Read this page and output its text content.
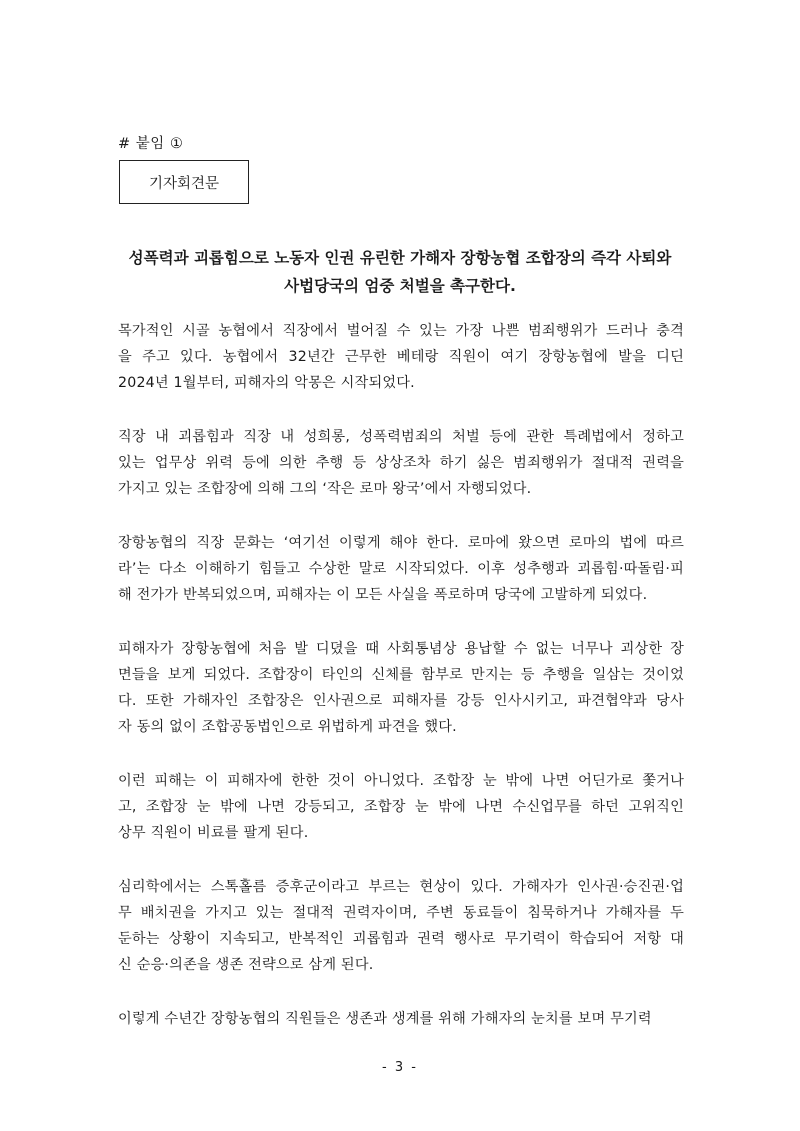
# 붙임 ①
기자회견문
성폭력과 괴롭힘으로 노동자 인권 유린한 가해자 장항농협 조합장의 즉각 사퇴와
사법당국의 엄중 처벌을 촉구한다.
목가적인 시골 농협에서 직장에서 벌어질 수 있는 가장 나쁜 범죄행위가 드러나 충격
을 주고 있다. 농협에서 32년간 근무한 베테랑 직원이 여기 장항농협에 발을 디딘
2024년 1월부터, 피해자의 악몽은 시작되었다.
직장 내 괴롭힘과 직장 내 성희롱, 성폭력범죄의 처벌 등에 관한 특례법에서 정하고
있는 업무상 위력 등에 의한 추행 등 상상조차 하기 싫은 범죄행위가 절대적 권력을
가지고 있는 조합장에 의해 그의 ‘작은 로마 왕국’에서 자행되었다.
장항농협의 직장 문화는 ‘여기선 이렇게 해야 한다. 로마에 왔으면 로마의 법에 따르
라’는 다소 이해하기 힘들고 수상한 말로 시작되었다. 이후 성추행과 괴롭힘·따돌림·피
해 전가가 반복되었으며, 피해자는 이 모든 사실을 폭로하며 당국에 고발하게 되었다.
피해자가 장항농협에 처음 발 디뎠을 때 사회통념상 용납할 수 없는 너무나 괴상한 장
면들을 보게 되었다. 조합장이 타인의 신체를 함부로 만지는 등 추행을 일삼는 것이었
다. 또한 가해자인 조합장은 인사권으로 피해자를 강등 인사시키고, 파견협약과 당사
자 동의 없이 조합공동법인으로 위법하게 파견을 했다.
이런 피해는 이 피해자에 한한 것이 아니었다. 조합장 눈 밖에 나면 어딘가로 쫓거나
고, 조합장 눈 밖에 나면 강등되고, 조합장 눈 밖에 나면 수신업무를 하던 고위직인
상무 직원이 비료를 팔게 된다.
심리학에서는 스톡홀름 증후군이라고 부르는 현상이 있다. 가해자가 인사권·승진권·업
무 배치권을 가지고 있는 절대적 권력자이며, 주변 동료들이 침묵하거나 가해자를 두
둔하는 상황이 지속되고, 반복적인 괴롭힘과 권력 행사로 무기력이 학습되어 저항 대
신 순응·의존을 생존 전략으로 삼게 된다.
이렇게 수년간 장항농협의 직원들은 생존과 생계를 위해 가해자의 눈치를 보며 무기력
- 3 -
